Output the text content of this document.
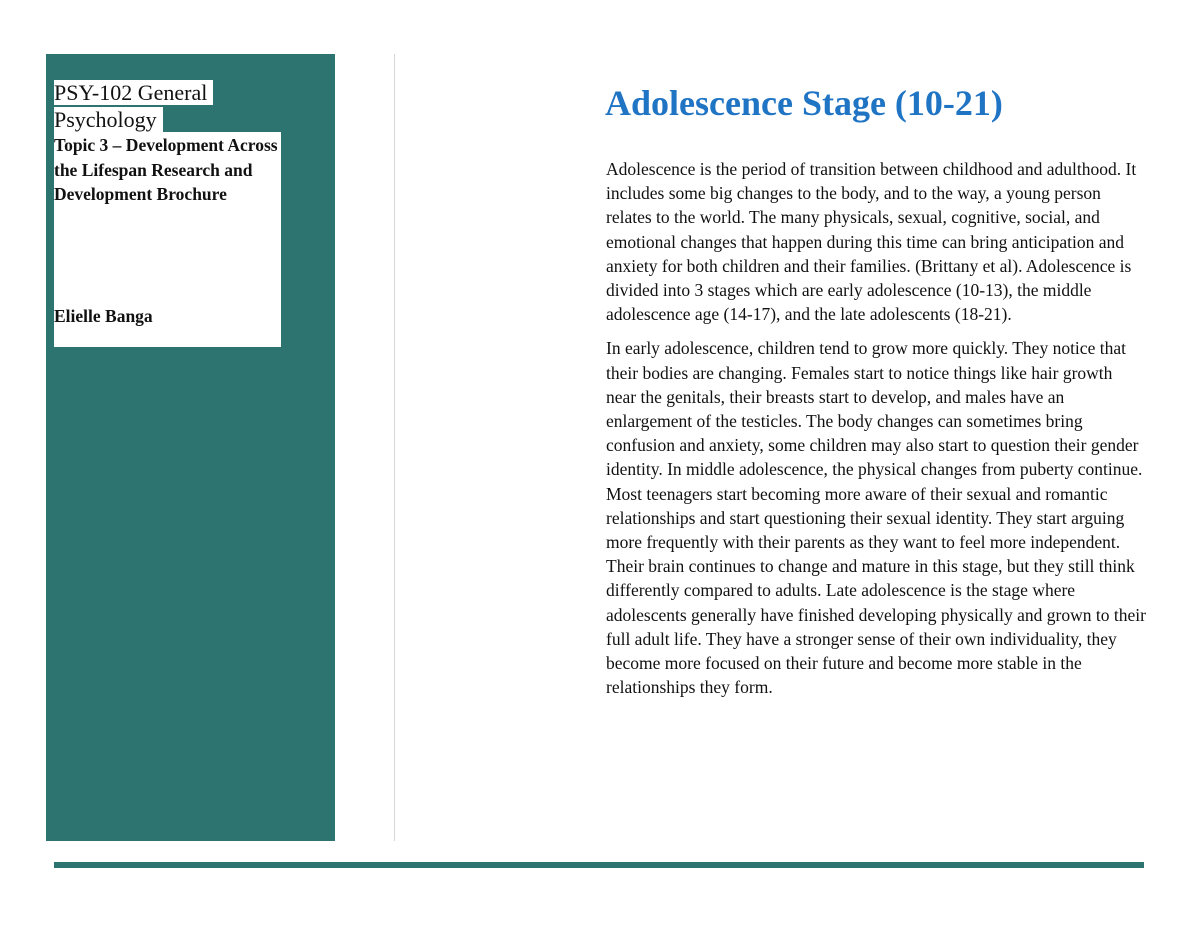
PSY-102 General
Psychology

Topic 3 – Development Across the Lifespan Research and Development Brochure

Elielle Banga

Adolescence Stage (10-21)

Adolescence is the period of transition between childhood and adulthood. It includes some big changes to the body, and to the way, a young person relates to the world. The many physicals, sexual, cognitive, social, and emotional changes that happen during this time can bring anticipation and anxiety for both children and their families. (Brittany et al). Adolescence is divided into 3 stages which are early adolescence (10-13), the middle adolescence age (14-17), and the late adolescents (18-21).

In early adolescence, children tend to grow more quickly. They notice that their bodies are changing. Females start to notice things like hair growth near the genitals, their breasts start to develop, and males have an enlargement of the testicles. The body changes can sometimes bring confusion and anxiety, some children may also start to question their gender identity. In middle adolescence, the physical changes from puberty continue. Most teenagers start becoming more aware of their sexual and romantic relationships and start questioning their sexual identity. They start arguing more frequently with their parents as they want to feel more independent. Their brain continues to change and mature in this stage, but they still think differently compared to adults. Late adolescence is the stage where adolescents generally have finished developing physically and grown to their full adult life. They have a stronger sense of their own individuality, they become more focused on their future and become more stable in the relationships they form.
